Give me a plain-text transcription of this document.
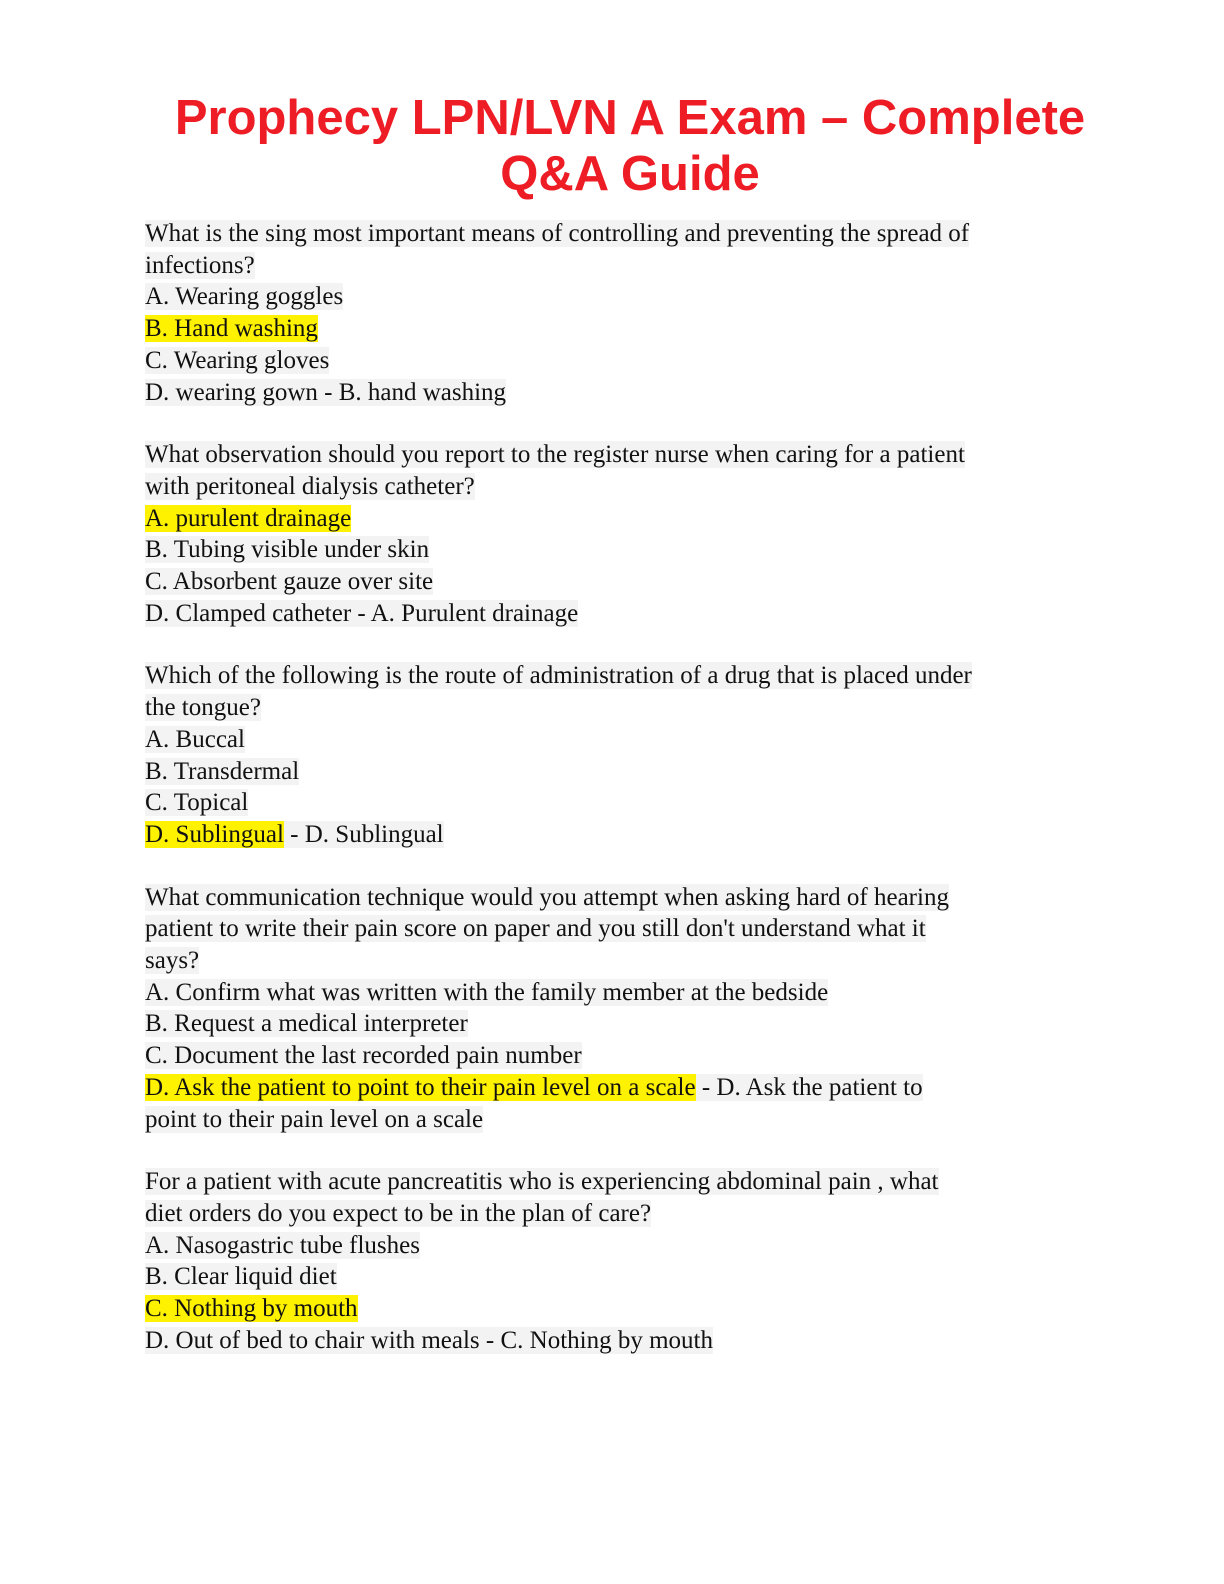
Prophecy LPN/LVN A Exam – Complete
Q&A Guide
What is the sing most important means of controlling and preventing the spread of
infections?
A. Wearing goggles
B. Hand washing
C. Wearing gloves
D. wearing gown - B. hand washing
What observation should you report to the register nurse when caring for a patient
with peritoneal dialysis catheter?
A. purulent drainage
B. Tubing visible under skin
C. Absorbent gauze over site
D. Clamped catheter - A. Purulent drainage
Which of the following is the route of administration of a drug that is placed under
the tongue?
A. Buccal
B. Transdermal
C. Topical
D. Sublingual - D. Sublingual
What communication technique would you attempt when asking hard of hearing
patient to write their pain score on paper and you still don't understand what it
says?
A. Confirm what was written with the family member at the bedside
B. Request a medical interpreter
C. Document the last recorded pain number
D. Ask the patient to point to their pain level on a scale - D. Ask the patient to
point to their pain level on a scale
For a patient with acute pancreatitis who is experiencing abdominal pain , what
diet orders do you expect to be in the plan of care?
A. Nasogastric tube flushes
B. Clear liquid diet
C. Nothing by mouth
D. Out of bed to chair with meals - C. Nothing by mouth
